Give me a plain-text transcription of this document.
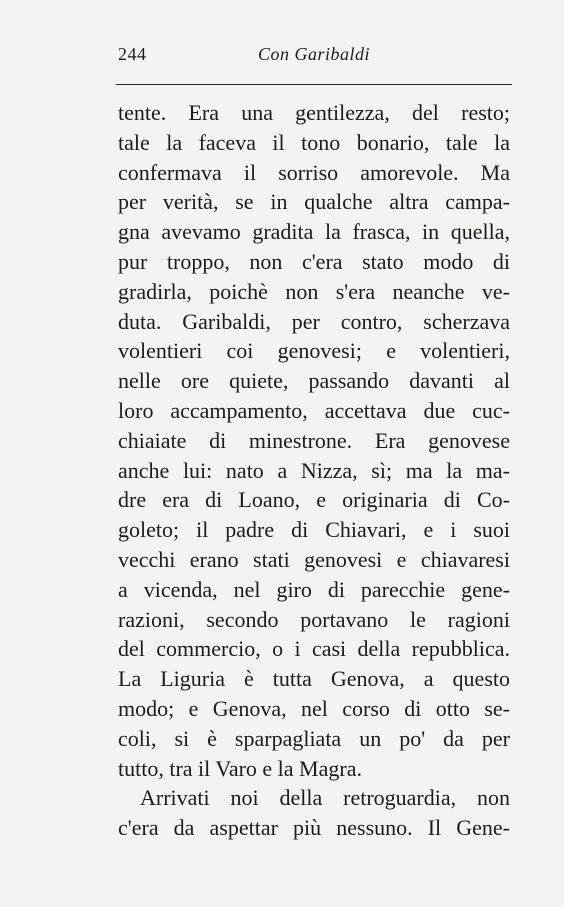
244	Con Garibaldi
tente. Era una gentilezza, del resto;
tale la faceva il tono bonario, tale la
confermava il sorriso amorevole. Ma
per verità, se in qualche altra campa-
gna avevamo gradita la frasca, in quella,
pur troppo, non c'era stato modo di
gradirla, poichè non s'era neanche ve-
duta. Garibaldi, per contro, scherzava
volentieri coi genovesi; e volentieri,
nelle ore quiete, passando davanti al
loro accampamento, accettava due cuc-
chiaiate di minestrone. Era genovese
anche lui: nato a Nizza, sì; ma la ma-
dre era di Loano, e originaria di Co-
goleto; il padre di Chiavari, e i suoi
vecchi erano stati genovesi e chiavaresi
a vicenda, nel giro di parecchie gene-
razioni, secondo portavano le ragioni
del commercio, o i casi della repubblica.
La Liguria è tutta Genova, a questo
modo; e Genova, nel corso di otto se-
coli, si è sparpagliata un po' da per
tutto, tra il Varo e la Magra.
Arrivati noi della retroguardia, non
c'era da aspettar più nessuno. Il Gene-
